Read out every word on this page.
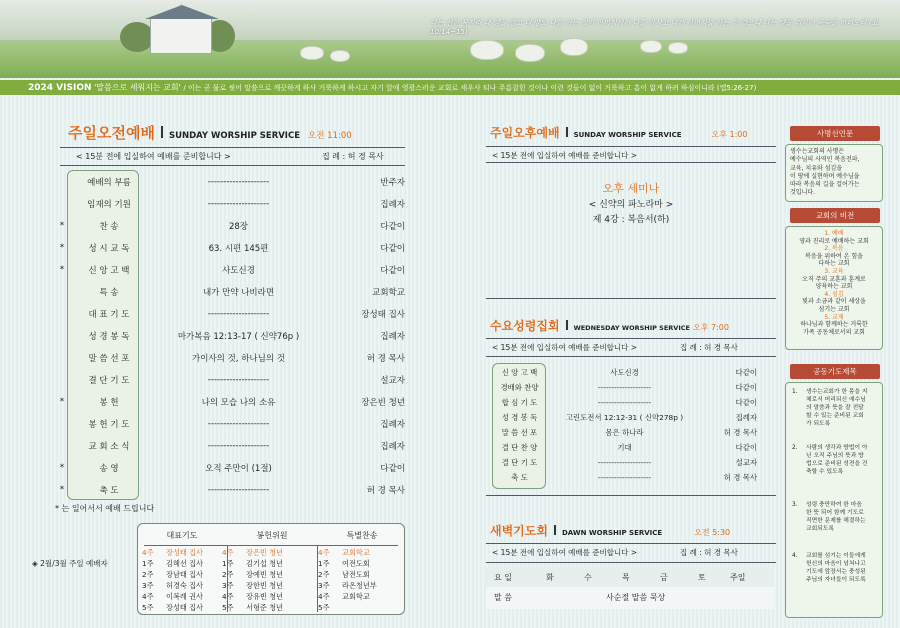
나는 선한 목자라 내 양을 알고 내 양도 나를 아는 것이 아버지께서 나를 아시고 내가 아버지를 아는 것 같으니 나는 양을 위하여 목숨을 버리노라 (요 10:14~15)
2024 VISION '말씀으로 세워지는 교회' / 이는 곧 물로 씻어 말씀으로 깨끗하게 하사 거룩하게 하시고 자기 앞에 영광스러운 교회로 세우사 티나 주름잡힌 것이나 이런 것들이 없이 거룩하고 흠이 없게 하려 하심이니라 (엡5:26-27)
주일오전예배 SUNDAY WORSHIP SERVICE 오전 11:00
< 15분 전에 입실하여 예배를 준비합니다 >	집 례 : 허 경 목사
예배의 부름	--------------------	반주자
임재의 기원	--------------------	집례자
*	찬 송	28장	다같이
*	성 시 교 독	63. 시편 145편	다같이
*	신 앙 고 백	사도신경	다같이
특 송	내가 만약 나비라면	교회학교
대 표 기 도	--------------------	장성태 집사
성 경 봉 독	마가복음 12:13-17 ( 신약76p )	집례자
말 씀 선 포	가이사의 것, 하나님의 것	허 경 목사
결 단 기 도	--------------------	설교자
*	봉 헌	나의 모습 나의 소유	장은빈 청년
봉 헌 기 도	--------------------	집례자
교 회 소 식	--------------------	집례자
*	송 영	오직 주만이 (1절)	다같이
*	축 도	--------------------	허 경 목사
* 는 일어서서 예배 드립니다
◈ 2월/3월 주일 예배자
대표기도	봉헌위원	특별찬송
4주 장성태 집사	4주 장은빈 청년	4주 교회학교
1주 김혜선 집사	1주 김기섭 청년	1주 여전도회
2주 장남태 집사	2주 장예빈 청년	2주 남전도회
3주 허경숙 집사	3주 장한빈 청년	3주 라온청년부
4주 이복례 권사	4주 장유빈 청년	4주 교회학교
5주 장성태 집사	5주 서형준 청년	5주
주일오후예배 SUNDAY WORSHIP SERVICE	오후 1:00
< 15분 전에 입실하여 예배를 준비합니다 >
오후 세미나
< 신약의 파노라마 >
제 4강 : 복음서(하)
수요성령집회 WEDNESDAY WORSHIP SERVICE 오후 7:00
< 15분 전에 입실하여 예배를 준비합니다 >	집 례 : 허 경 목사
신 앙 고 백	사도신경	다같이
경배와 찬양	--------------------	다같이
합 심 기 도	--------------------	다같이
성 경 봉 독	고린도전서 12:12-31 ( 신약278p )	집례자
말 씀 선 포	몸은 하나라	허 경 목사
결 단 찬 양	기대	다같이
결 단 기 도	--------------------	설교자
축 도	--------------------	허 경 목사
새벽기도회 DAWN WORSHIP SERVICE	오전 5:30
< 15분 전에 입실하여 예배를 준비합니다 >	집 례 : 허 경 목사
요 일	화	수	목	금	토	주일
말 씀	사순절 말씀 묵상
사명선언문
생수는교회의 사명은
예수님의 사역인 복음전파,
교육, 치유와 섬김을
이 땅에 실현하며 예수님을
따라 복음의 길을 걸어가는
것입니다.
교회의 비전
1. 예배
영과 진리로 예배하는 교회
2. 복음
복음을 위하여 온 힘을
다하는 교회
3. 교육
오직 주의 교훈과 훈계로
양육하는 교회
4. 섬김
빛과 소금과 같이 세상을
섬기는 교회
5. 교제
하나님과 함께하는 거룩한
가족 공동체로서의 교회
공동기도제목
1. 생수는교회가 한 몸을 지체로서 머리되신 예수님의 말씀과 뜻을 잘 전달할 수 있는 준비된 교회가 되도록
2. 사람의 생각과 방법이 아닌 오직 주님의 뜻과 방법으로 준비된 성전을 건축할 수 있도록
3. 성령 충만하여 한 마음 한 뜻 되어 함께 기도로 직면한 문제를 해결하는 교회되도록
4. 교회를 섬기는 이들에게 헌신의 마음이 넘쳐나고 기도에 앞장서는 충성된 주님의 자녀들이 되도록
